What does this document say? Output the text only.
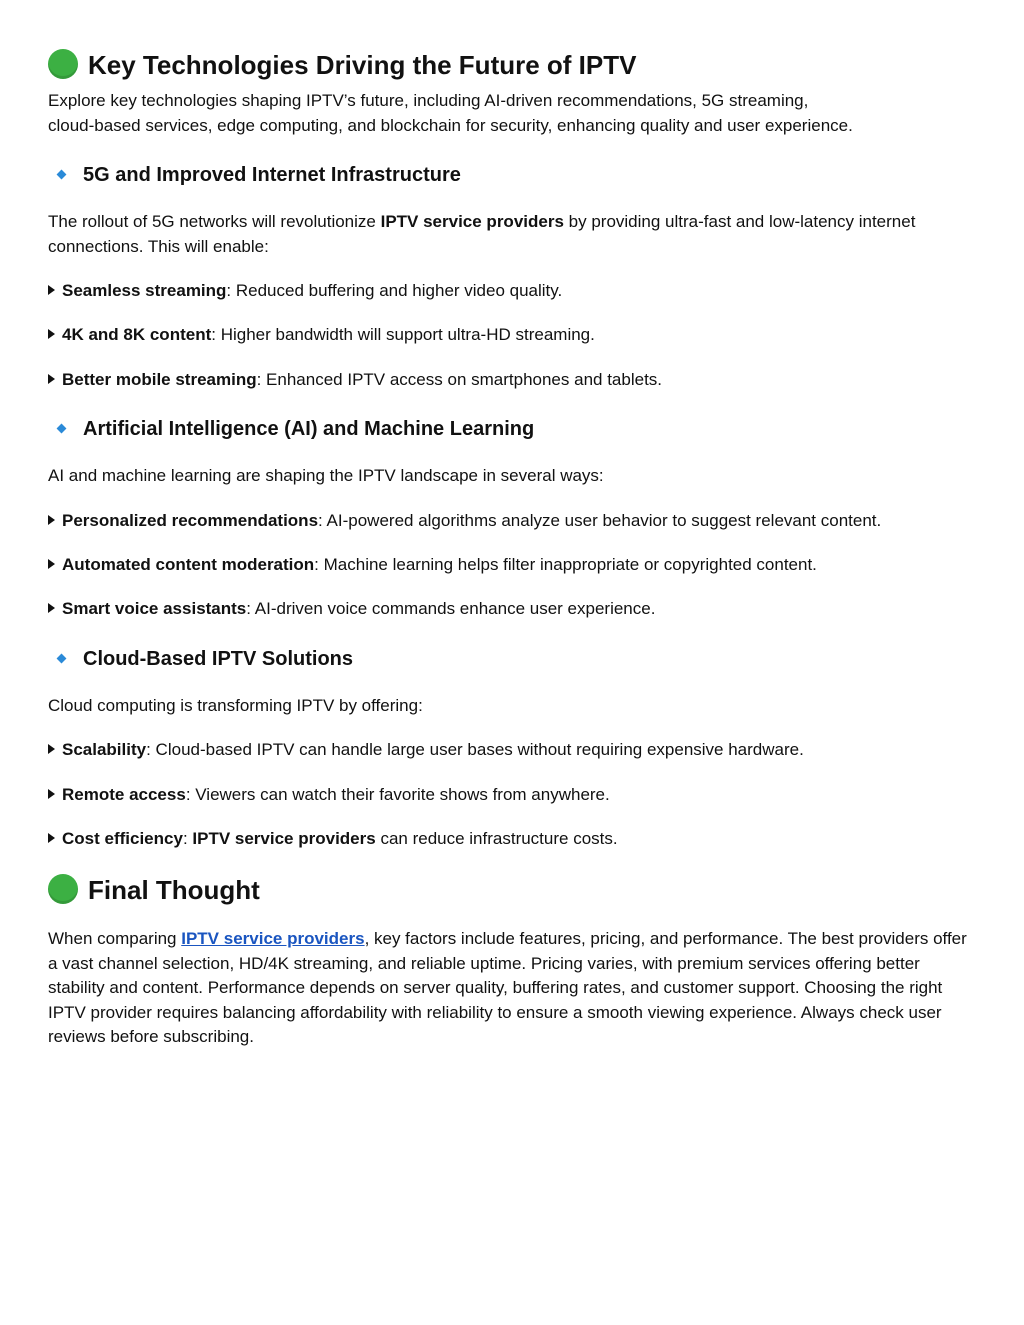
Key Technologies Driving the Future of IPTV
Explore key technologies shaping IPTV’s future, including AI-driven recommendations, 5G streaming,
cloud-based services, edge computing, and blockchain for security, enhancing quality and user experience.
5G and Improved Internet Infrastructure
The rollout of 5G networks will revolutionize IPTV service providers by providing ultra-fast and low-latency internet connections. This will enable:
Seamless streaming: Reduced buffering and higher video quality.
4K and 8K content: Higher bandwidth will support ultra-HD streaming.
Better mobile streaming: Enhanced IPTV access on smartphones and tablets.
Artificial Intelligence (AI) and Machine Learning
AI and machine learning are shaping the IPTV landscape in several ways:
Personalized recommendations: AI-powered algorithms analyze user behavior to suggest relevant content.
Automated content moderation: Machine learning helps filter inappropriate or copyrighted content.
Smart voice assistants: AI-driven voice commands enhance user experience.
Cloud-Based IPTV Solutions
Cloud computing is transforming IPTV by offering:
Scalability: Cloud-based IPTV can handle large user bases without requiring expensive hardware.
Remote access: Viewers can watch their favorite shows from anywhere.
Cost efficiency: IPTV service providers can reduce infrastructure costs.
Final Thought
When comparing IPTV service providers, key factors include features, pricing, and performance. The best providers offer a vast channel selection, HD/4K streaming, and reliable uptime. Pricing varies, with premium services offering better stability and content. Performance depends on server quality, buffering rates, and customer support. Choosing the right IPTV provider requires balancing affordability with reliability to ensure a smooth viewing experience. Always check user reviews before subscribing.
